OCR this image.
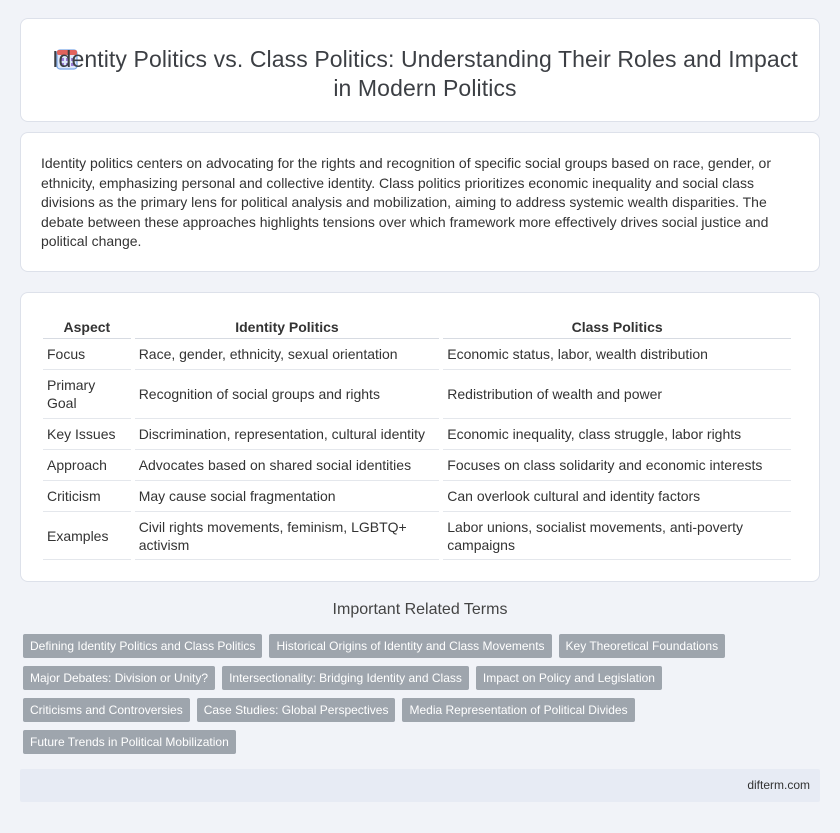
Identity Politics vs. Class Politics: Understanding Their Roles and Impact in Modern Politics

Identity politics centers on advocating for the rights and recognition of specific social groups based on race, gender, or ethnicity, emphasizing personal and collective identity. Class politics prioritizes economic inequality and social class divisions as the primary lens for political analysis and mobilization, aiming to address systemic wealth disparities. The debate between these approaches highlights tensions over which framework more effectively drives social justice and political change.

Aspect	Identity Politics	Class Politics
Focus	Race, gender, ethnicity, sexual orientation	Economic status, labor, wealth distribution
Primary Goal	Recognition of social groups and rights	Redistribution of wealth and power
Key Issues	Discrimination, representation, cultural identity	Economic inequality, class struggle, labor rights
Approach	Advocates based on shared social identities	Focuses on class solidarity and economic interests
Criticism	May cause social fragmentation	Can overlook cultural and identity factors
Examples	Civil rights movements, feminism, LGBTQ+ activism	Labor unions, socialist movements, anti-poverty campaigns
Important Related Terms
Defining Identity Politics and Class Politics	Historical Origins of Identity and Class Movements	Key Theoretical Foundations
Major Debates: Division or Unity?	Intersectionality: Bridging Identity and Class	Impact on Policy and Legislation
Criticisms and Controversies	Case Studies: Global Perspectives	Media Representation of Political Divides
Future Trends in Political Mobilization
difterm.com
